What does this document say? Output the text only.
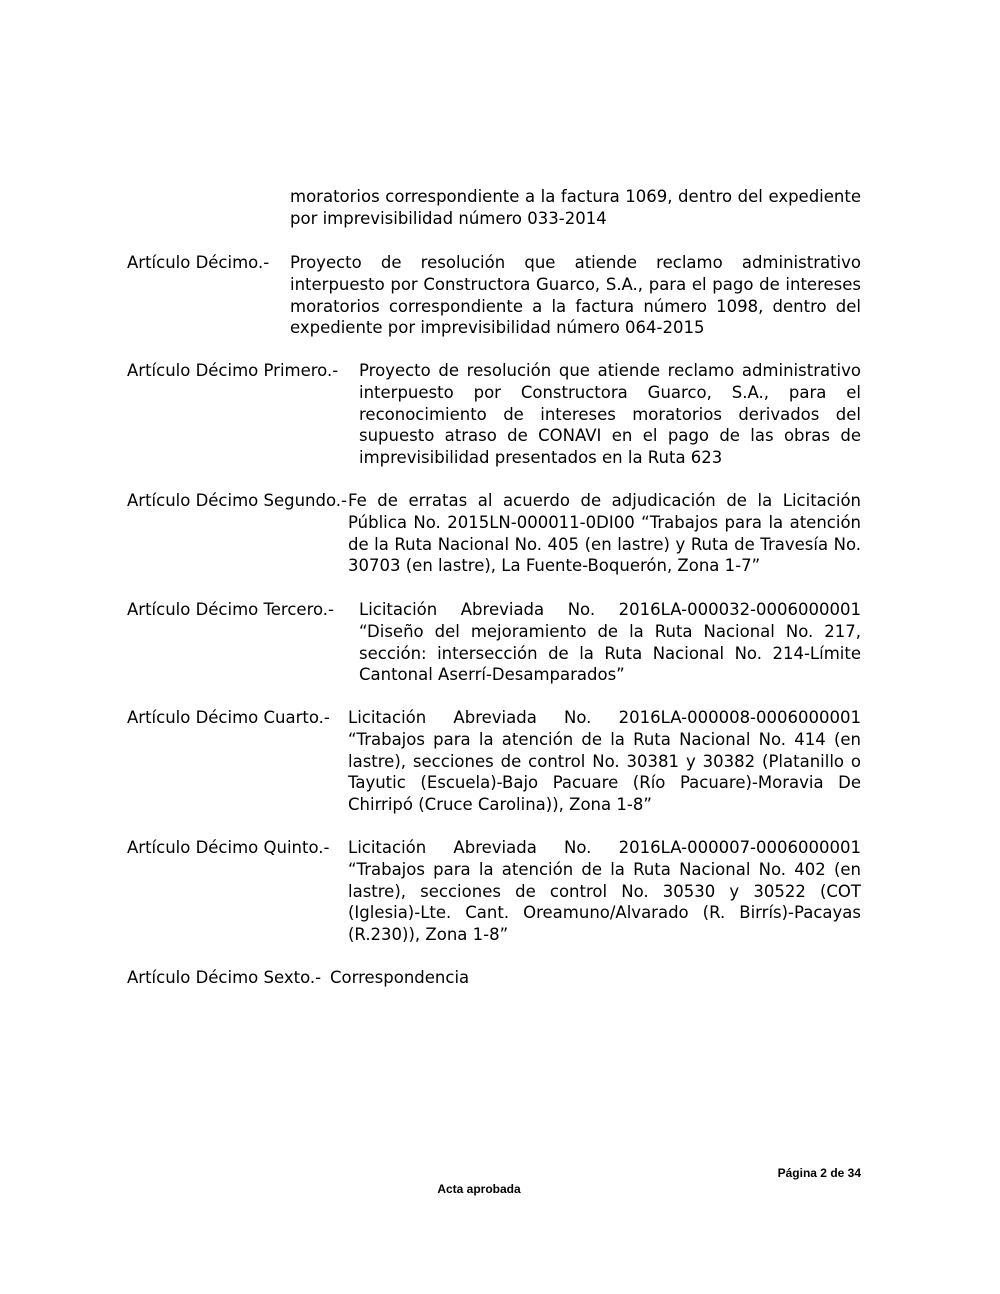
moratorios correspondiente a la factura 1069, dentro del expediente por imprevisibilidad número 033-2014
Artículo Décimo.- Proyecto de resolución que atiende reclamo administrativo interpuesto por Constructora Guarco, S.A., para el pago de intereses moratorios correspondiente a la factura número 1098, dentro del expediente por imprevisibilidad número 064-2015
Artículo Décimo Primero.- Proyecto de resolución que atiende reclamo administrativo interpuesto por Constructora Guarco, S.A., para el reconocimiento de intereses moratorios derivados del supuesto atraso de CONAVI en el pago de las obras de imprevisibilidad presentados en la Ruta 623
Artículo Décimo Segundo.- Fe de erratas al acuerdo de adjudicación de la Licitación Pública No. 2015LN-000011-0DI00 “Trabajos para la atención de la Ruta Nacional No. 405 (en lastre) y Ruta de Travesía No. 30703 (en lastre), La Fuente-Boquerón, Zona 1-7”
Artículo Décimo Tercero.- Licitación Abreviada No. 2016LA-000032-0006000001 “Diseño del mejoramiento de la Ruta Nacional No. 217, sección: intersección de la Ruta Nacional No. 214-Límite Cantonal Aserrí-Desamparados”
Artículo Décimo Cuarto.- Licitación Abreviada No. 2016LA-000008-0006000001 “Trabajos para la atención de la Ruta Nacional No. 414 (en lastre), secciones de control No. 30381 y 30382 (Platanillo o Tayutic (Escuela)-Bajo Pacuare (Río Pacuare)-Moravia De Chirripó (Cruce Carolina)), Zona 1-8”
Artículo Décimo Quinto.- Licitación Abreviada No. 2016LA-000007-0006000001 “Trabajos para la atención de la Ruta Nacional No. 402 (en lastre), secciones de control No. 30530 y 30522 (COT (Iglesia)-Lte. Cant. Oreamuno/Alvarado (R. Birrís)-Pacayas (R.230)), Zona 1-8”
Artículo Décimo Sexto.- Correspondencia
Página 2 de 34
Acta aprobada
